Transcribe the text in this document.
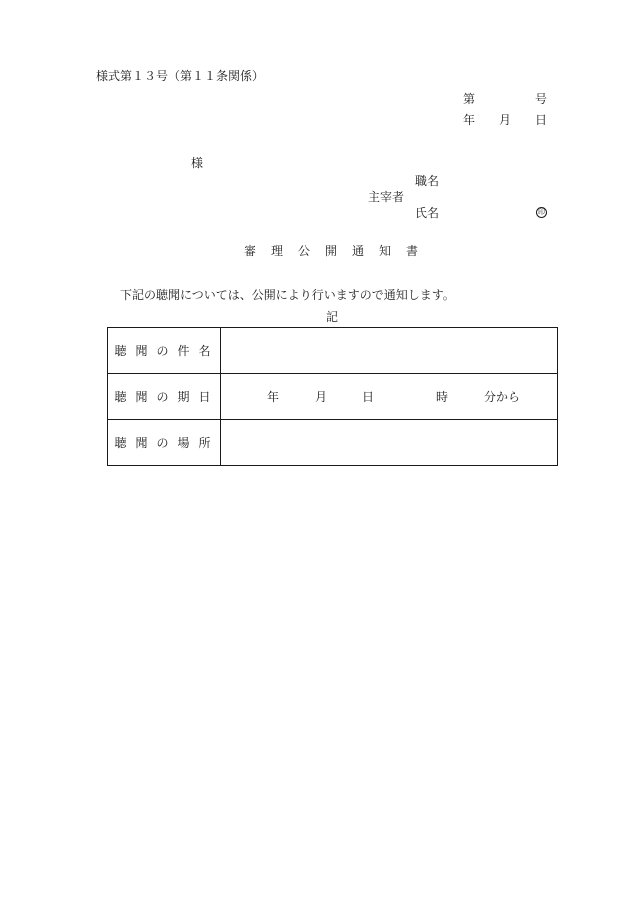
様式第１３号（第１１条関係）
第	号
年 月 日
様
職名
主宰者
氏名	印
審理公開通知書
下記の聴聞については、公開により行いますので通知します。
記
聴聞の件名	
聴聞の期日	年 月 日 時 分から

聴聞の場所	
